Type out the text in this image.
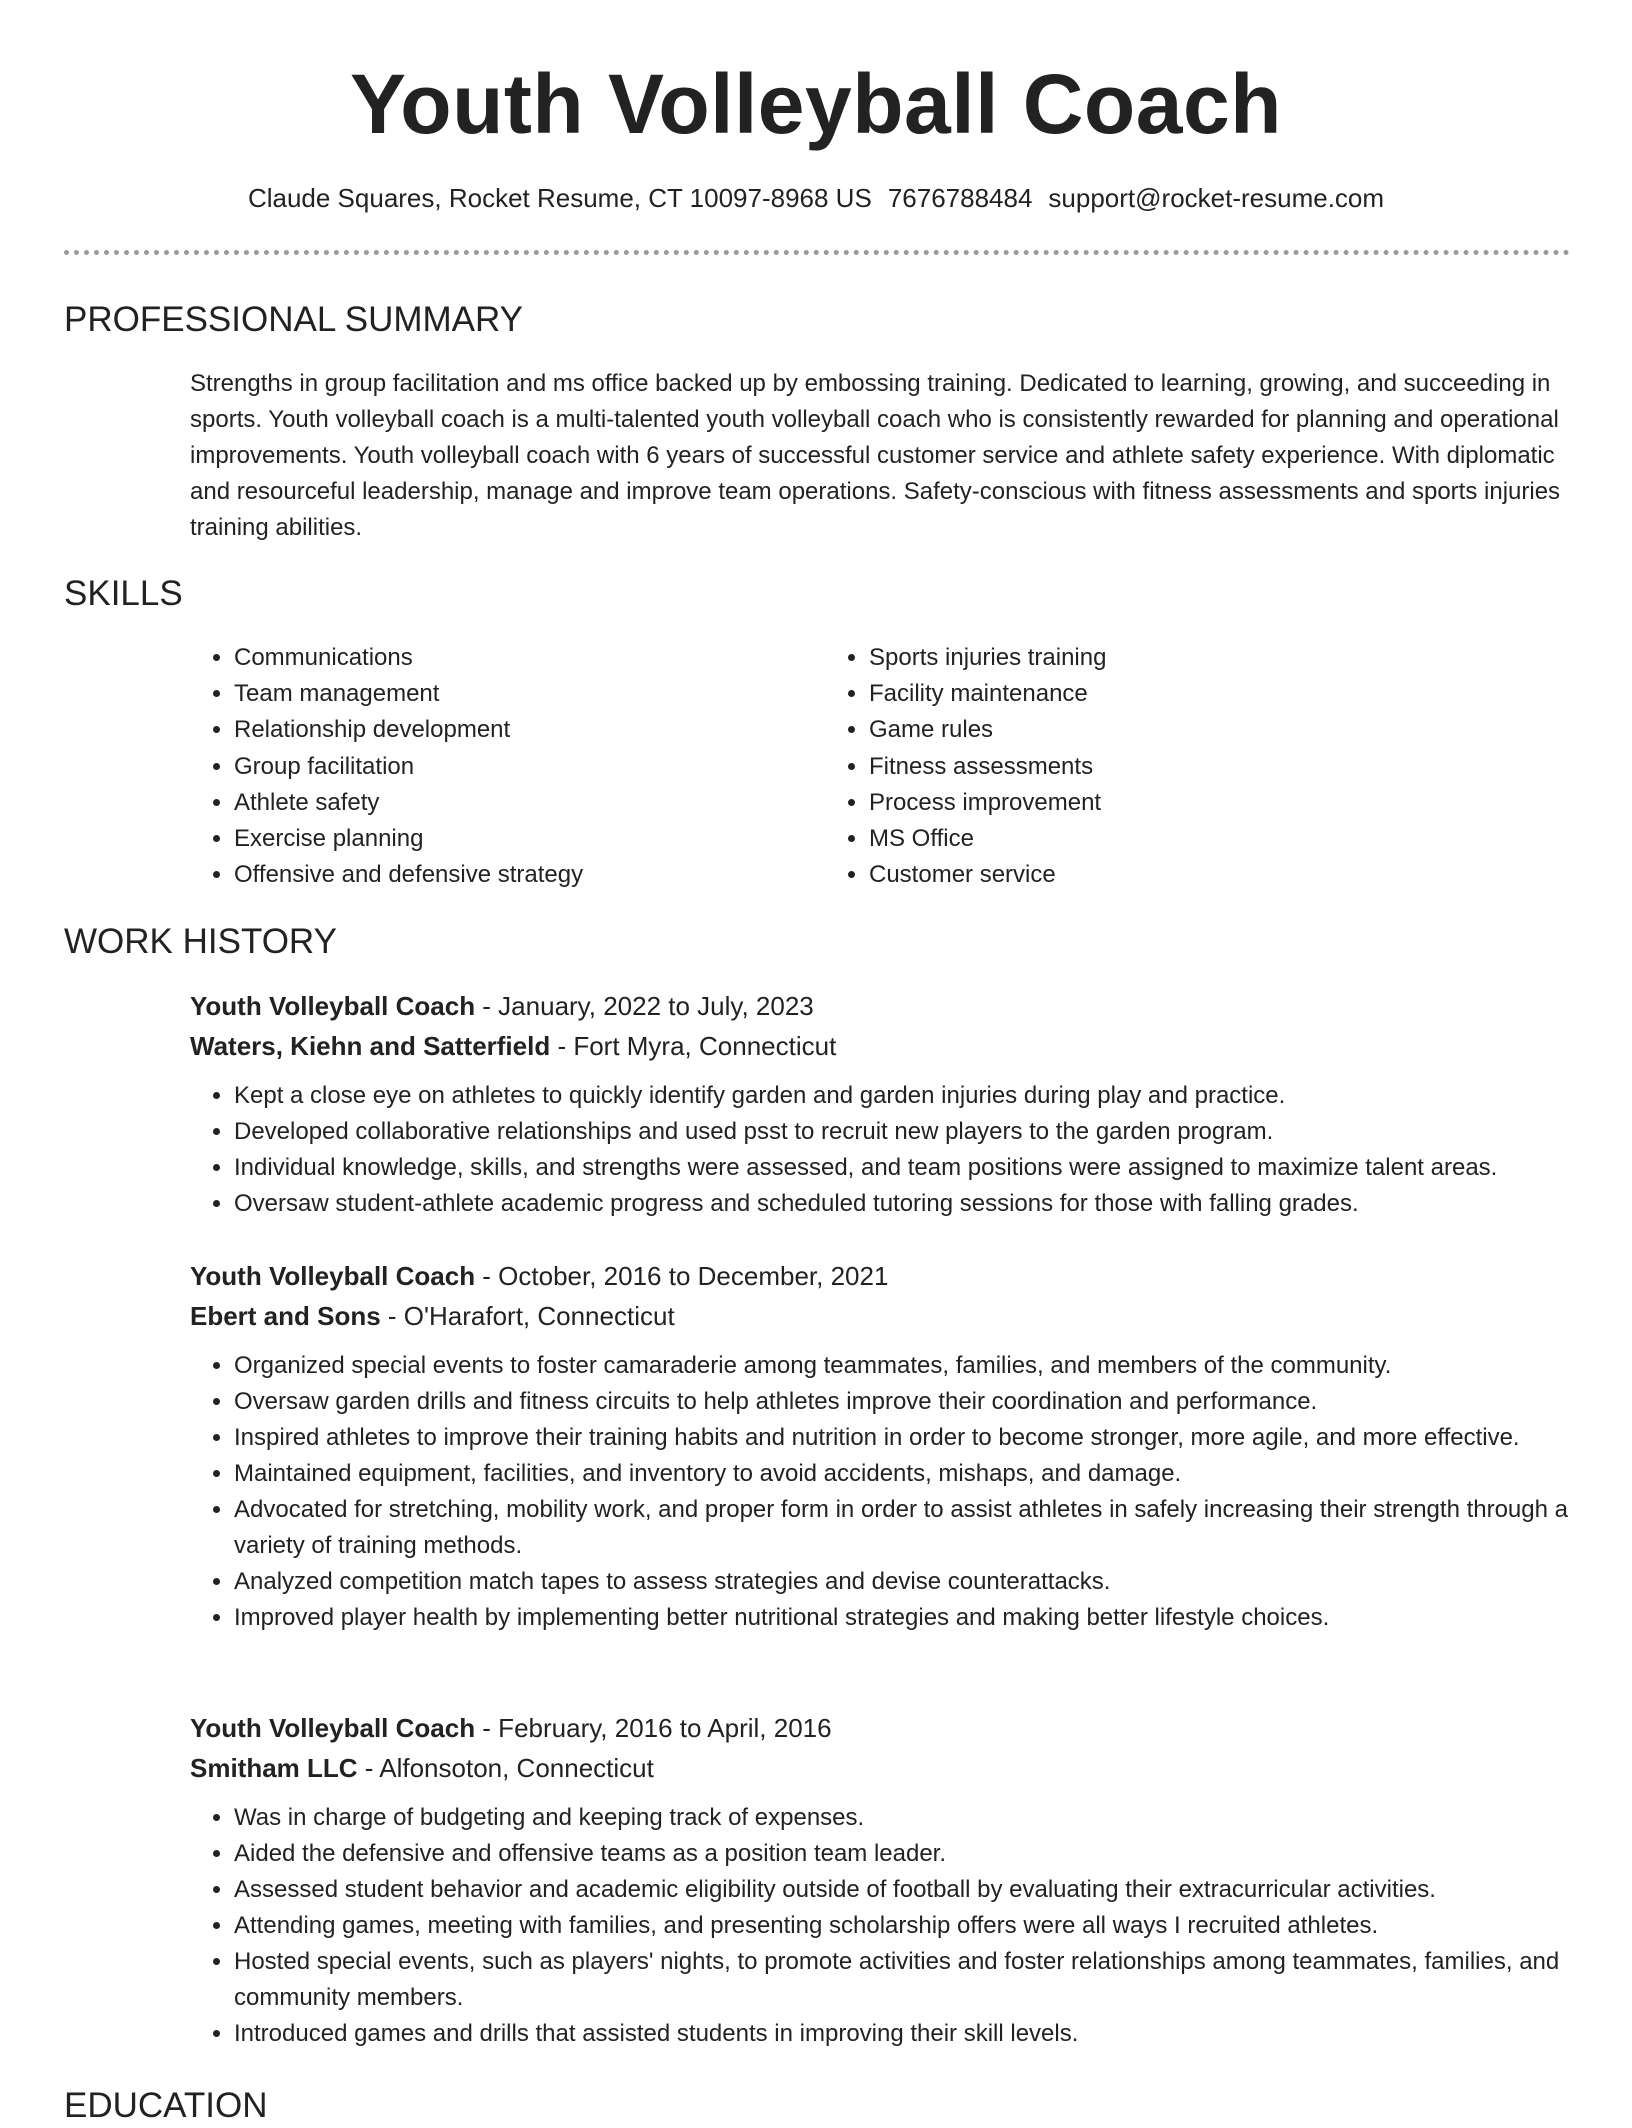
Youth Volleyball Coach
Claude Squares, Rocket Resume, CT 10097-8968 US 7676788484 support@rocket-resume.com
PROFESSIONAL SUMMARY

Strengths in group facilitation and ms office backed up by embossing training. Dedicated to learning, growing, and succeeding in sports. Youth volleyball coach is a multi-talented youth volleyball coach who is consistently rewarded for planning and operational improvements. Youth volleyball coach with 6 years of successful customer service and athlete safety experience. With diplomatic and resourceful leadership, manage and improve team operations. Safety-conscious with fitness assessments and sports injuries training abilities.

SKILLS
• Communications
• Team management
• Relationship development
• Group facilitation
• Athlete safety
• Exercise planning
• Offensive and defensive strategy
• Sports injuries training
• Facility maintenance
• Game rules
• Fitness assessments
• Process improvement
• MS Office
• Customer service
WORK HISTORY
Youth Volleyball Coach - January, 2022 to July, 2023
Waters, Kiehn and Satterfield - Fort Myra, Connecticut
• Kept a close eye on athletes to quickly identify garden and garden injuries during play and practice.
• Developed collaborative relationships and used psst to recruit new players to the garden program.
• Individual knowledge, skills, and strengths were assessed, and team positions were assigned to maximize talent areas.
• Oversaw student-athlete academic progress and scheduled tutoring sessions for those with falling grades.
Youth Volleyball Coach - October, 2016 to December, 2021
Ebert and Sons - O'Harafort, Connecticut
• Organized special events to foster camaraderie among teammates, families, and members of the community.
• Oversaw garden drills and fitness circuits to help athletes improve their coordination and performance.
• Inspired athletes to improve their training habits and nutrition in order to become stronger, more agile, and more effective.
• Maintained equipment, facilities, and inventory to avoid accidents, mishaps, and damage.
• Advocated for stretching, mobility work, and proper form in order to assist athletes in safely increasing their strength through a variety of training methods.
• Analyzed competition match tapes to assess strategies and devise counterattacks.
• Improved player health by implementing better nutritional strategies and making better lifestyle choices.
Youth Volleyball Coach - February, 2016 to April, 2016
Smitham LLC - Alfonsoton, Connecticut
• Was in charge of budgeting and keeping track of expenses.
• Aided the defensive and offensive teams as a position team leader.
• Assessed student behavior and academic eligibility outside of football by evaluating their extracurricular activities.
• Attending games, meeting with families, and presenting scholarship offers were all ways I recruited athletes.
• Hosted special events, such as players' nights, to promote activities and foster relationships among teammates, families, and community members.
• Introduced games and drills that assisted students in improving their skill levels.
EDUCATION
